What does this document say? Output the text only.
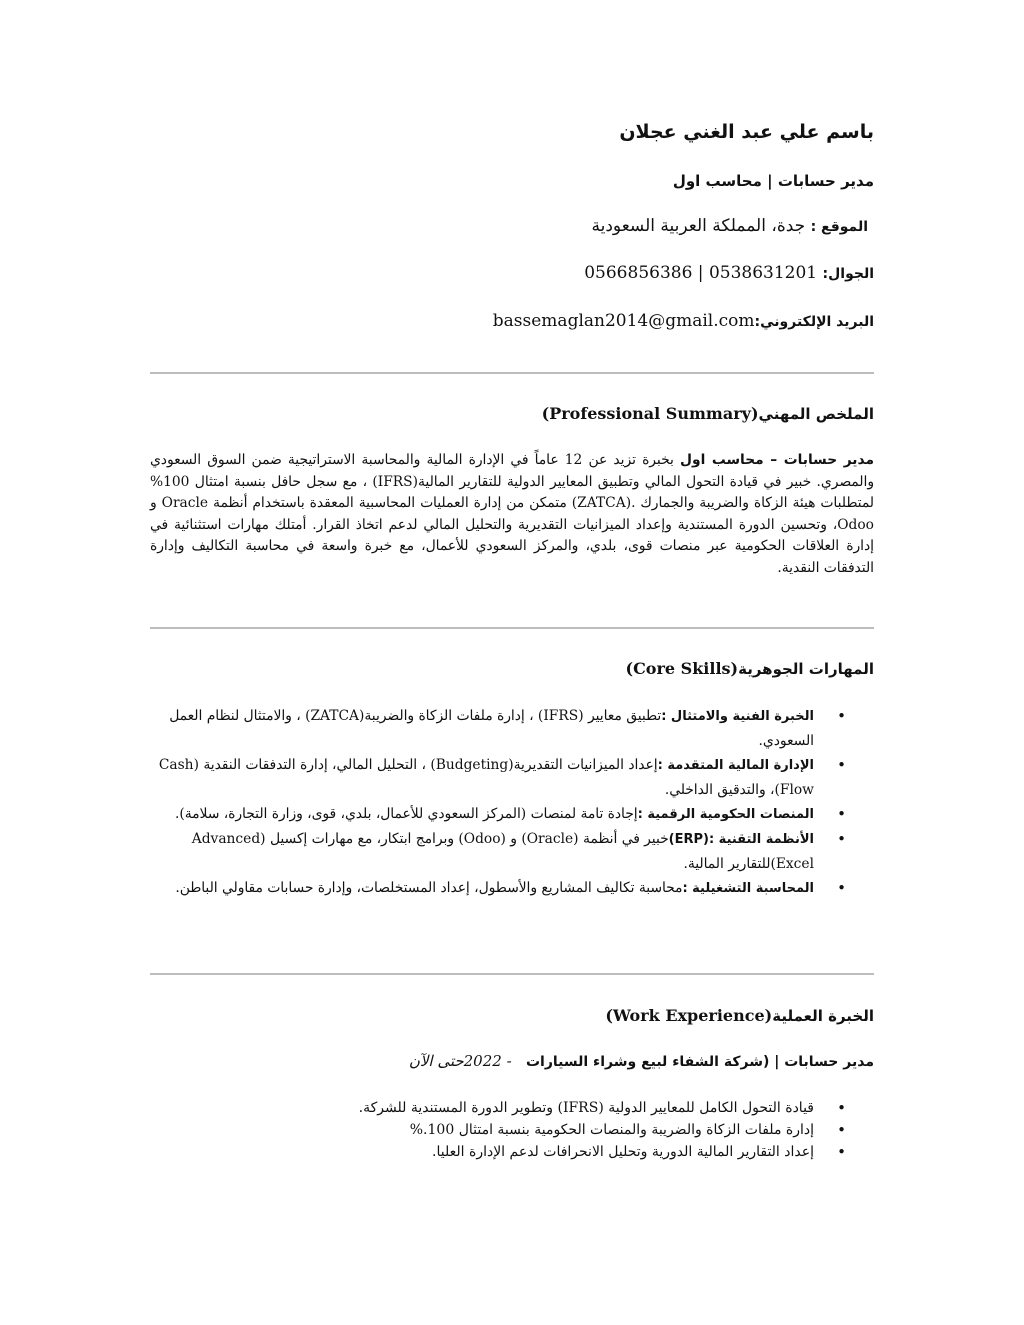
باسم علي عبد الغني عجلان
مدير حسابات | محاسب اول
الموقع : جدة، المملكة العربية السعودية
الجوال: 0538631201 | 0566856386
البريد الإلكتروني:bassemaglan2014@gmail.com
الملخص المهني(Professional Summary)
مدير حسابات – محاسب اول بخبرة تزيد عن 12 عاماً في الإدارة المالية والمحاسبة الاستراتيجية ضمن السوق السعودي والمصري. خبير في قيادة التحول المالي وتطبيق المعايير الدولية للتقارير المالية(IFRS) ، مع سجل حافل بنسبة امتثال 100% لمتطلبات هيئة الزكاة والضريبة والجمارك .(ZATCA) متمكن من إدارة العمليات المحاسبية المعقدة باستخدام أنظمة Oracle و Odoo، وتحسين الدورة المستندية وإعداد الميزانيات التقديرية والتحليل المالي لدعم اتخاذ القرار. أمتلك مهارات استثنائية في إدارة العلاقات الحكومية عبر منصات قوى، بلدي، والمركز السعودي للأعمال، مع خبرة واسعة في محاسبة التكاليف وإدارة التدفقات النقدية.
المهارات الجوهرية(Core Skills)
• الخبرة الفنية والامتثال :تطبيق معايير (IFRS) ، إدارة ملفات الزكاة والضريبة(ZATCA) ، والامتثال لنظام العمل السعودي.
• الإدارة المالية المتقدمة :إعداد الميزانيات التقديرية(Budgeting) ، التحليل المالي، إدارة التدفقات النقدية (Cash Flow)، والتدقيق الداخلي.
• المنصات الحكومية الرقمية :إجادة تامة لمنصات (المركز السعودي للأعمال، بلدي، قوى، وزارة التجارة، سلامة).
• الأنظمة التقنية :(ERP)خبير في أنظمة (Oracle) و (Odoo) وبرامج ابتكار، مع مهارات إكسيل (Advanced Excel)للتقارير المالية.
• المحاسبة التشغيلية :محاسبة تكاليف المشاريع والأسطول، إعداد المستخلصات، وإدارة حسابات مقاولي الباطن.
الخبرة العملية(Work Experience)
مدير حسابات | (شركة الشفاء لبيع وشراء السيارات   - 2022حتى الآن
• قيادة التحول الكامل للمعايير الدولية (IFRS) وتطوير الدورة المستندية للشركة.
• إدارة ملفات الزكاة والضريبة والمنصات الحكومية بنسبة امتثال 100.%
• إعداد التقارير المالية الدورية وتحليل الانحرافات لدعم الإدارة العليا.
